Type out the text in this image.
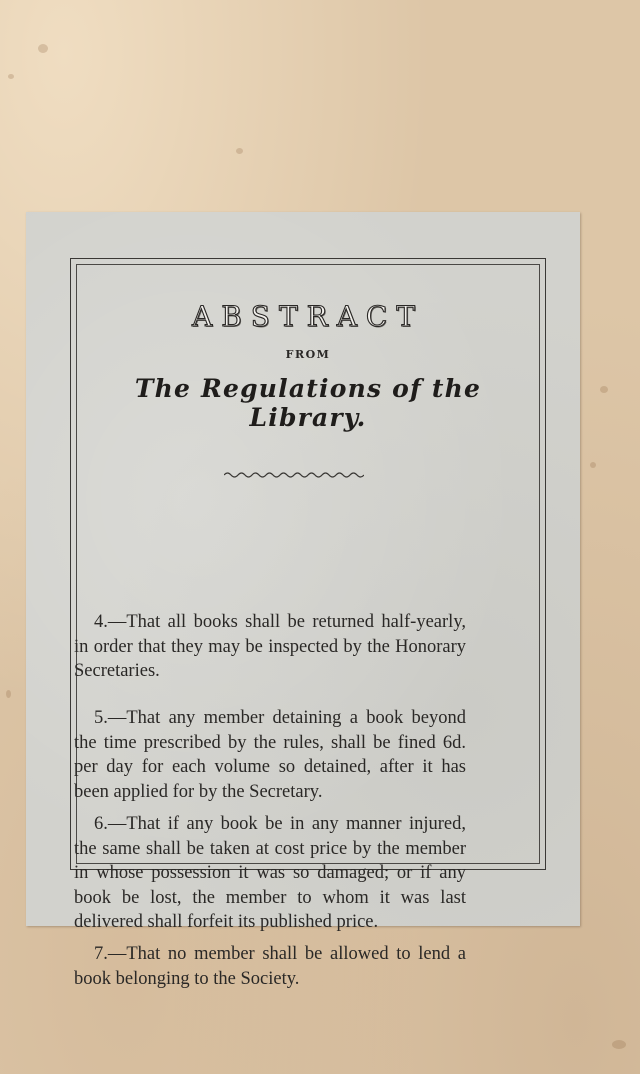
ABSTRACT
FROM
The Regulations of the Library.

4.—That all books shall be returned half-yearly, in order that they may be inspected by the Honorary Secretaries.

5.—That any member detaining a book beyond the time prescribed by the rules, shall be fined 6d. per day for each volume so detained, after it has been applied for by the Secretary.

6.—That if any book be in any manner injured, the same shall be taken at cost price by the member in whose possession it was so damaged; or if any book be lost, the member to whom it was last delivered shall forfeit its published price.

7.—That no member shall be allowed to lend a book belonging to the Society.
